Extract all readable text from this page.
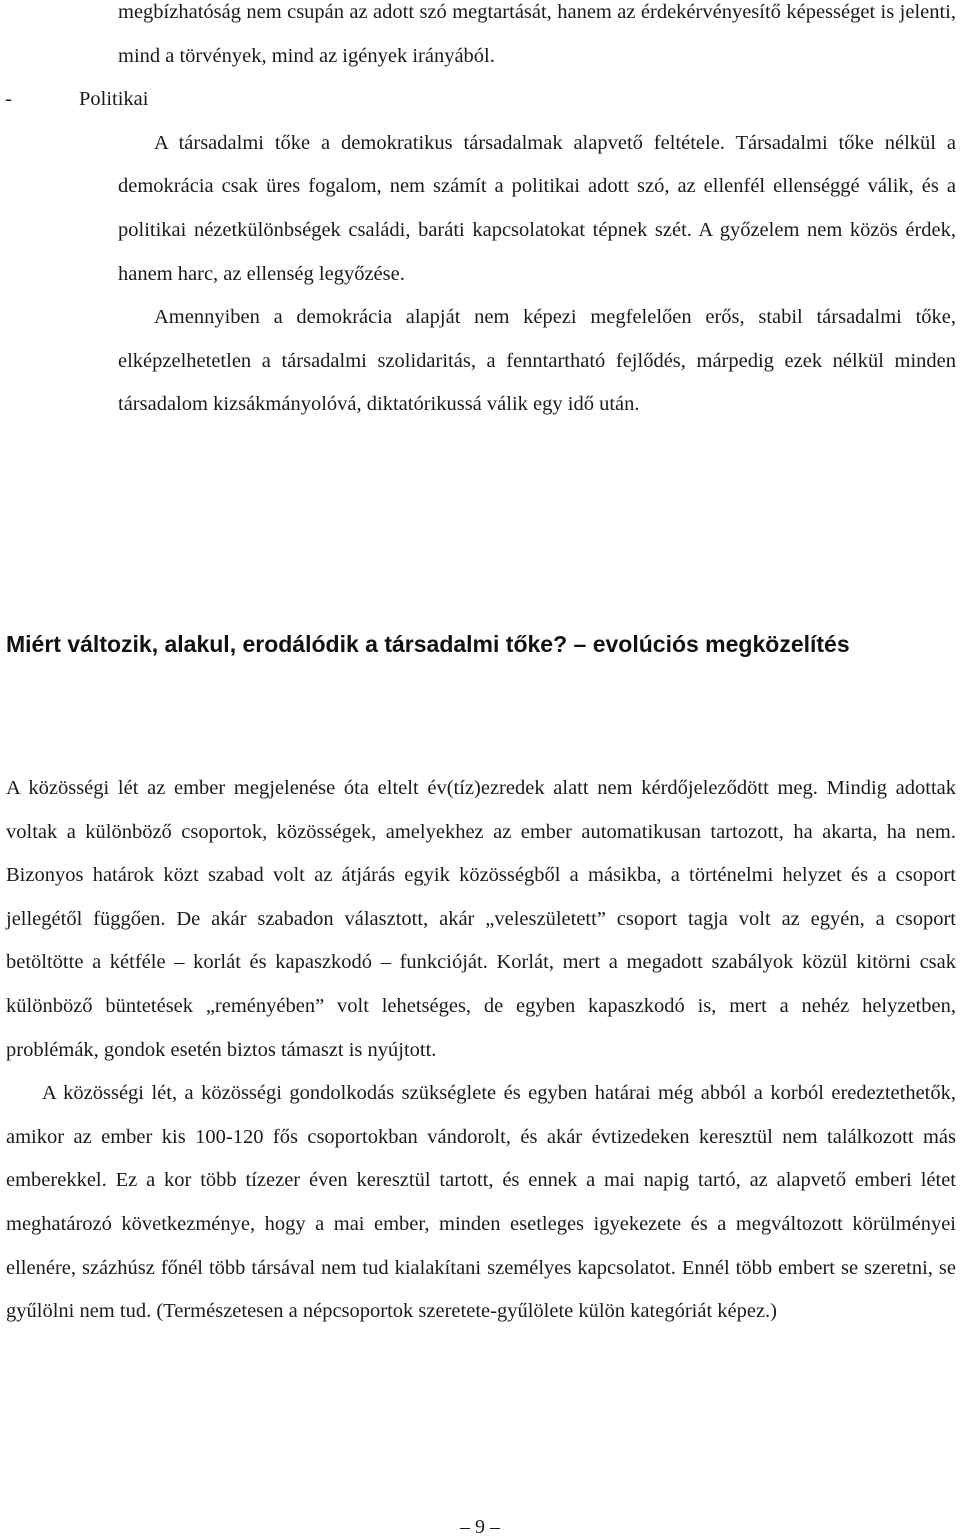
megbízhatóság nem csupán az adott szó megtartását, hanem az érdekérvényesítő képességet is jelenti, mind a törvények, mind az igények irányából.

-	Politikai

A társadalmi tőke a demokratikus társadalmak alapvető feltétele. Társadalmi tőke nélkül a demokrácia csak üres fogalom, nem számít a politikai adott szó, az ellenfél ellenséggé válik, és a politikai nézetkülönbségek családi, baráti kapcsolatokat tépnek szét. A győzelem nem közös érdek, hanem harc, az ellenség legyőzése.

Amennyiben a demokrácia alapját nem képezi megfelelően erős, stabil társadalmi tőke, elképzelhetetlen a társadalmi szolidaritás, a fenntartható fejlődés, márpedig ezek nélkül minden társadalom kizsákmányolóvá, diktatórikussá válik egy idő után.

Miért változik, alakul, erodálódik a társadalmi tőke? – evolúciós megközelítés

A közösségi lét az ember megjelenése óta eltelt év(tíz)ezredek alatt nem kérdőjeleződött meg. Mindig adottak voltak a különböző csoportok, közösségek, amelyekhez az ember automatikusan tartozott, ha akarta, ha nem. Bizonyos határok közt szabad volt az átjárás egyik közösségből a másikba, a történelmi helyzet és a csoport jellegétől függően. De akár szabadon választott, akár „veleszületett” csoport tagja volt az egyén, a csoport betöltötte a kétféle – korlát és kapaszkodó – funkcióját. Korlát, mert a megadott szabályok közül kitörni csak különböző büntetések „reményében” volt lehetséges, de egyben kapaszkodó is, mert a nehéz helyzetben, problémák, gondok esetén biztos támaszt is nyújtott.

A közösségi lét, a közösségi gondolkodás szükséglete és egyben határai még abból a korból eredeztethetők, amikor az ember kis 100-120 fős csoportokban vándorolt, és akár évtizedeken keresztül nem találkozott más emberekkel. Ez a kor több tízezer éven keresztül tartott, és ennek a mai napig tartó, az alapvető emberi létet meghatározó következménye, hogy a mai ember, minden esetleges igyekezete és a megváltozott körülményei ellenére, százhúsz főnél több társával nem tud kialakítani személyes kapcsolatot. Ennél több embert se szeretni, se gyűlölni nem tud. (Természetesen a népcsoportok szeretete-gyűlölete külön kategóriát képez.)

– 9 –
